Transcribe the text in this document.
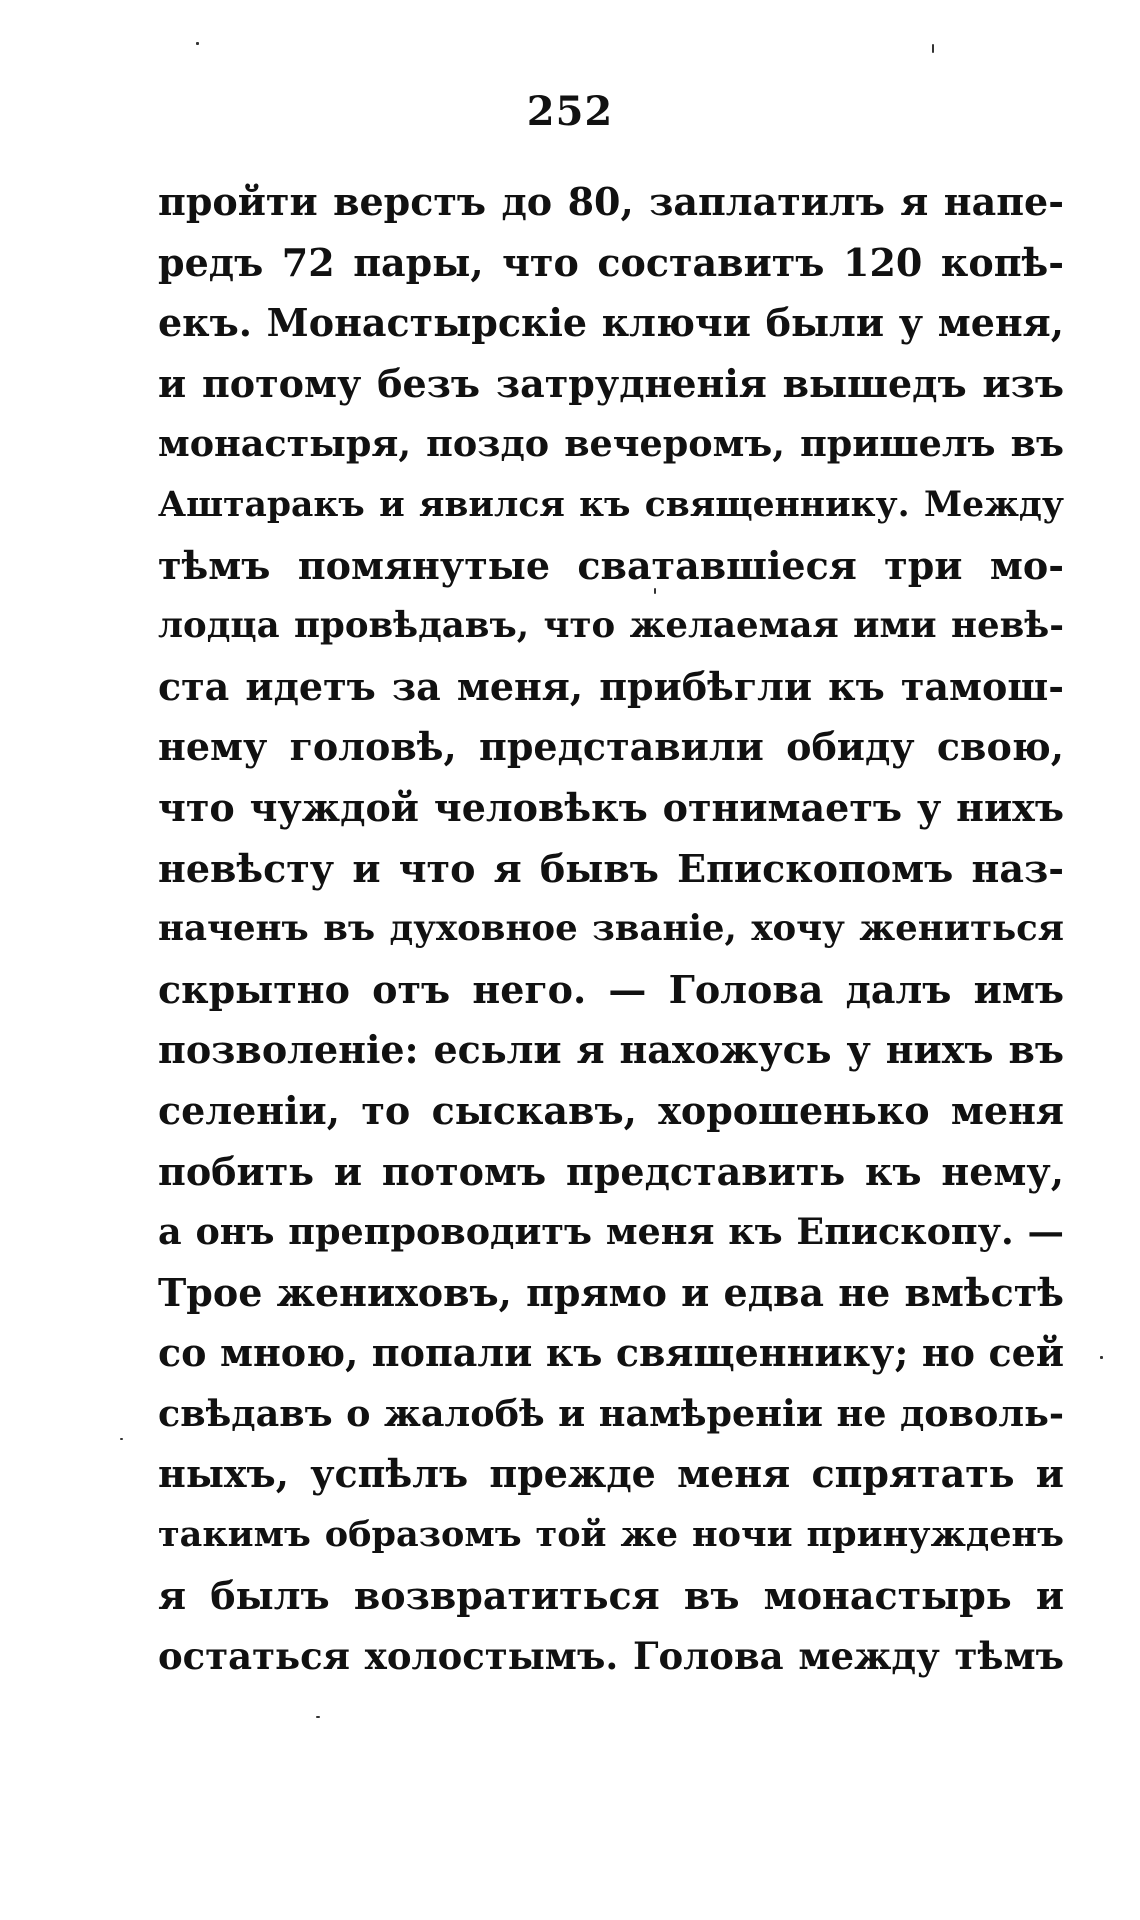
252
пройти верстъ до 80, заплатилъ я напе-
редъ 72 пары, что составитъ 120 копѣ-
екъ. Монастырскіе ключи были у меня,
и потому безъ затрудненія вышедъ изъ
монастыря, поздо вечеромъ, пришелъ въ
Аштаракъ и явился къ священнику. Между
тѣмъ помянутые сватавшіеся три мо-
лодца провѣдавъ, что желаемая ими невѣ-
ста идетъ за меня, прибѣгли къ тамош-
нему головѣ, представили обиду свою,
что чуждой человѣкъ отнимаетъ у нихъ
невѣсту и что я бывъ Епископомъ наз-
наченъ въ духовное званіе, хочу жениться
скрытно отъ него. — Голова далъ имъ
позволеніе: есьли я нахожусь у нихъ въ
селеніи, то сыскавъ, хорошенько меня
побить и потомъ представить къ нему,
а онъ препроводитъ меня къ Епископу. —
Трое жениховъ, прямо и едва не вмѣстѣ
со мною, попали къ священнику; но сей
свѣдавъ о жалобѣ и намѣреніи не доволь-
ныхъ, успѣлъ прежде меня спрятать и
такимъ образомъ той же ночи принужденъ
я былъ возвратиться въ монастырь и
остаться холостымъ. Голова между тѣмъ
